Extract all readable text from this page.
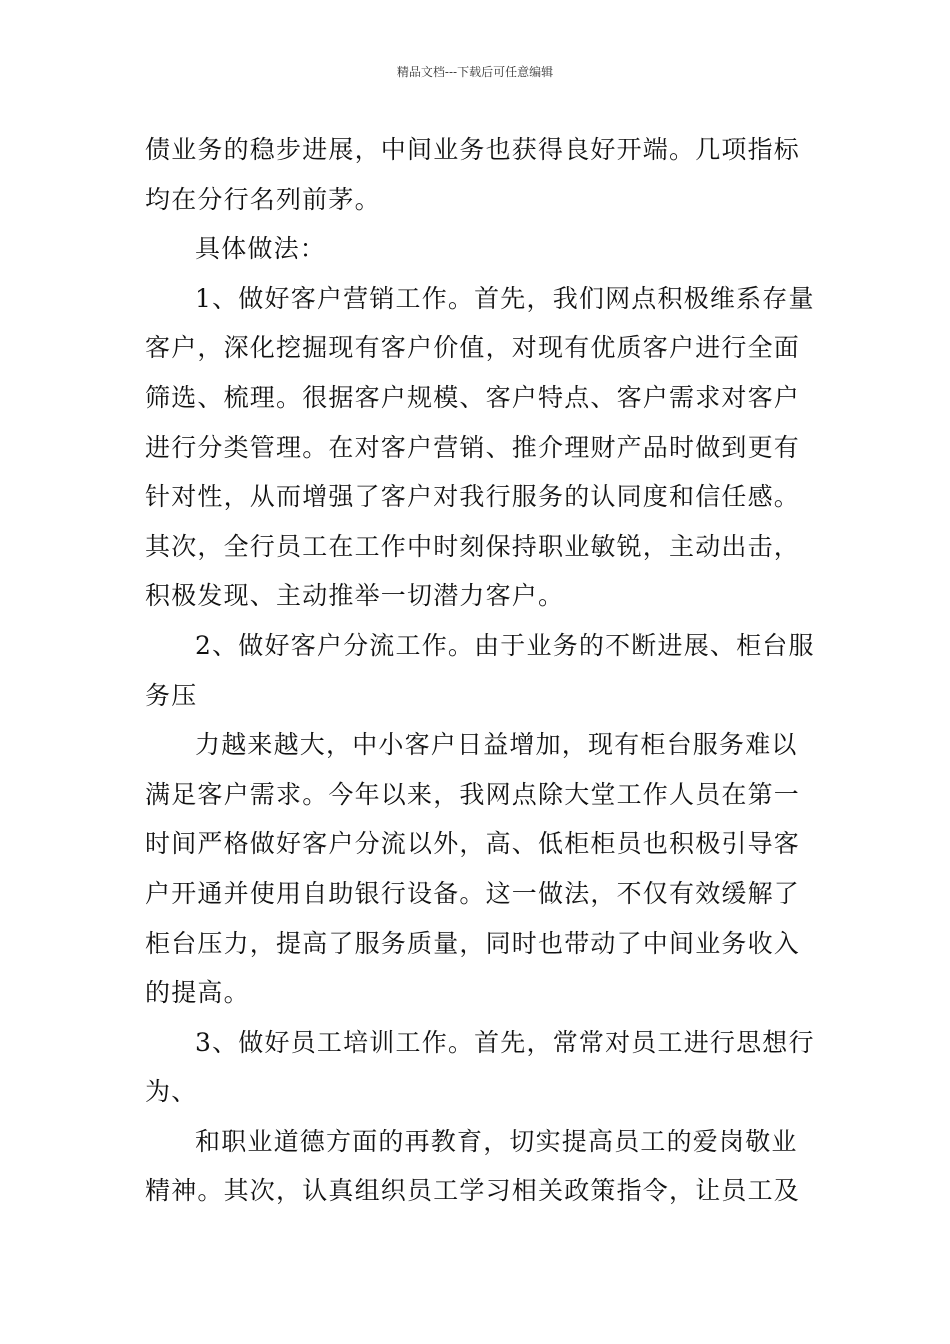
精品文档---下载后可任意编辑
债业务的稳步进展，中间业务也获得良好开端。几项指标
均在分行名列前茅。
具体做法：
1、做好客户营销工作。首先，我们网点积极维系存量
客户，深化挖掘现有客户价值，对现有优质客户进行全面
筛选、梳理。很据客户规模、客户特点、客户需求对客户
进行分类管理。在对客户营销、推介理财产品时做到更有
针对性，从而增强了客户对我行服务的认同度和信任感。
其次，全行员工在工作中时刻保持职业敏锐，主动出击，
积极发现、主动推举一切潜力客户。
2、做好客户分流工作。由于业务的不断进展、柜台服
务压
力越来越大，中小客户日益增加，现有柜台服务难以
满足客户需求。今年以来，我网点除大堂工作人员在第一
时间严格做好客户分流以外，高、低柜柜员也积极引导客
户开通并使用自助银行设备。这一做法，不仅有效缓解了
柜台压力，提高了服务质量，同时也带动了中间业务收入
的提高。
3、做好员工培训工作。首先，常常对员工进行思想行
为、
和职业道德方面的再教育，切实提高员工的爱岗敬业
精神。其次，认真组织员工学习相关政策指令，让员工及
